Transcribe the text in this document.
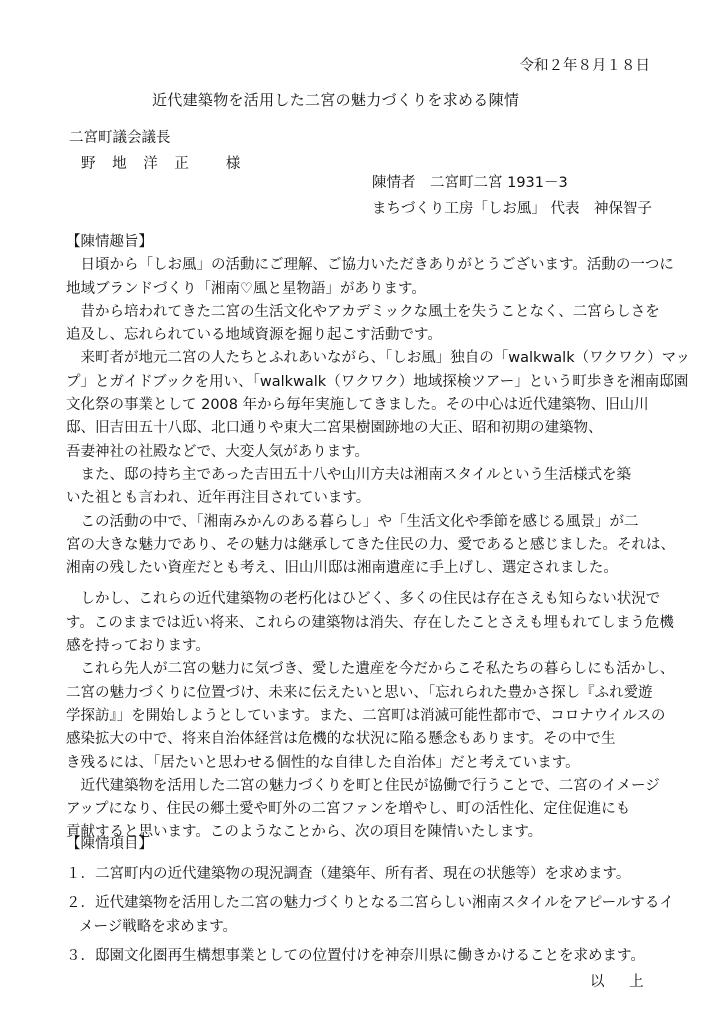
令和２年８月１８日
近代建築物を活用した二宮の魅力づくりを求める陳情
二宮町議会議長
野 地 洋 正　 様
陳情者　二宮町二宮 1931－3
まちづくり工房「しお風」 代表　神保智子
【陳情趣旨】
　日頃から「しお風」の活動にご理解、ご協力いただきありがとうございます。活動の一つに
地域ブランドづくり「湘南♡風と星物語」があります。
　昔から培われてきた二宮の生活文化やアカデミックな風土を失うことなく、二宮らしさを
追及し、忘れられている地域資源を掘り起こす活動です。
　来町者が地元二宮の人たちとふれあいながら、「しお風」独自の「walkwalk（ワクワク）マッ
プ」とガイドブックを用い、「walkwalk（ワクワク）地域探検ツアー」という町歩きを湘南邸園
文化祭の事業として 2008 年から毎年実施してきました。その中心は近代建築物、旧山川
邸、旧吉田五十八邸、北口通りや東大二宮果樹園跡地の大正、昭和初期の建築物、
吾妻神社の社殿などで、大変人気があります。
　また、邸の持ち主であった吉田五十八や山川方夫は湘南スタイルという生活様式を築
いた祖とも言われ、近年再注目されています。
　この活動の中で、「湘南みかんのある暮らし」や「生活文化や季節を感じる風景」が二
宮の大きな魅力であり、その魅力は継承してきた住民の力、愛であると感じました。それは、
湘南の残したい資産だとも考え、旧山川邸は湘南遺産に手上げし、選定されました。
　しかし、これらの近代建築物の老朽化はひどく、多くの住民は存在さえも知らない状況で
す。このままでは近い将来、これらの建築物は消失、存在したことさえも埋もれてしまう危機
感を持っております。
　これら先人が二宮の魅力に気づき、愛した遺産を今だからこそ私たちの暮らしにも活かし、
二宮の魅力づくりに位置づけ、未来に伝えたいと思い、「忘れられた豊かさ探し『ふれ愛遊
学探訪』」を開始しようとしています。また、二宮町は消滅可能性都市で、コロナウイルスの
感染拡大の中で、将来自治体経営は危機的な状況に陥る懸念もあります。その中で生
き残るには、「居たいと思わせる個性的な自律した自治体」だと考えています。
　近代建築物を活用した二宮の魅力づくりを町と住民が協働で行うことで、二宮のイメージ
アップになり、住民の郷土愛や町外の二宮ファンを増やし、町の活性化、定住促進にも
貢献すると思います。このようなことから、次の項目を陳情いたします。
【陳情項目】
１．二宮町内の近代建築物の現況調査（建築年、所有者、現在の状態等）を求めます。
２．近代建築物を活用した二宮の魅力づくりとなる二宮らしい湘南スタイルをアピールするイ
メージ戦略を求めます。
３．邸園文化圏再生構想事業としての位置付けを神奈川県に働きかけることを求めます。
以 上
